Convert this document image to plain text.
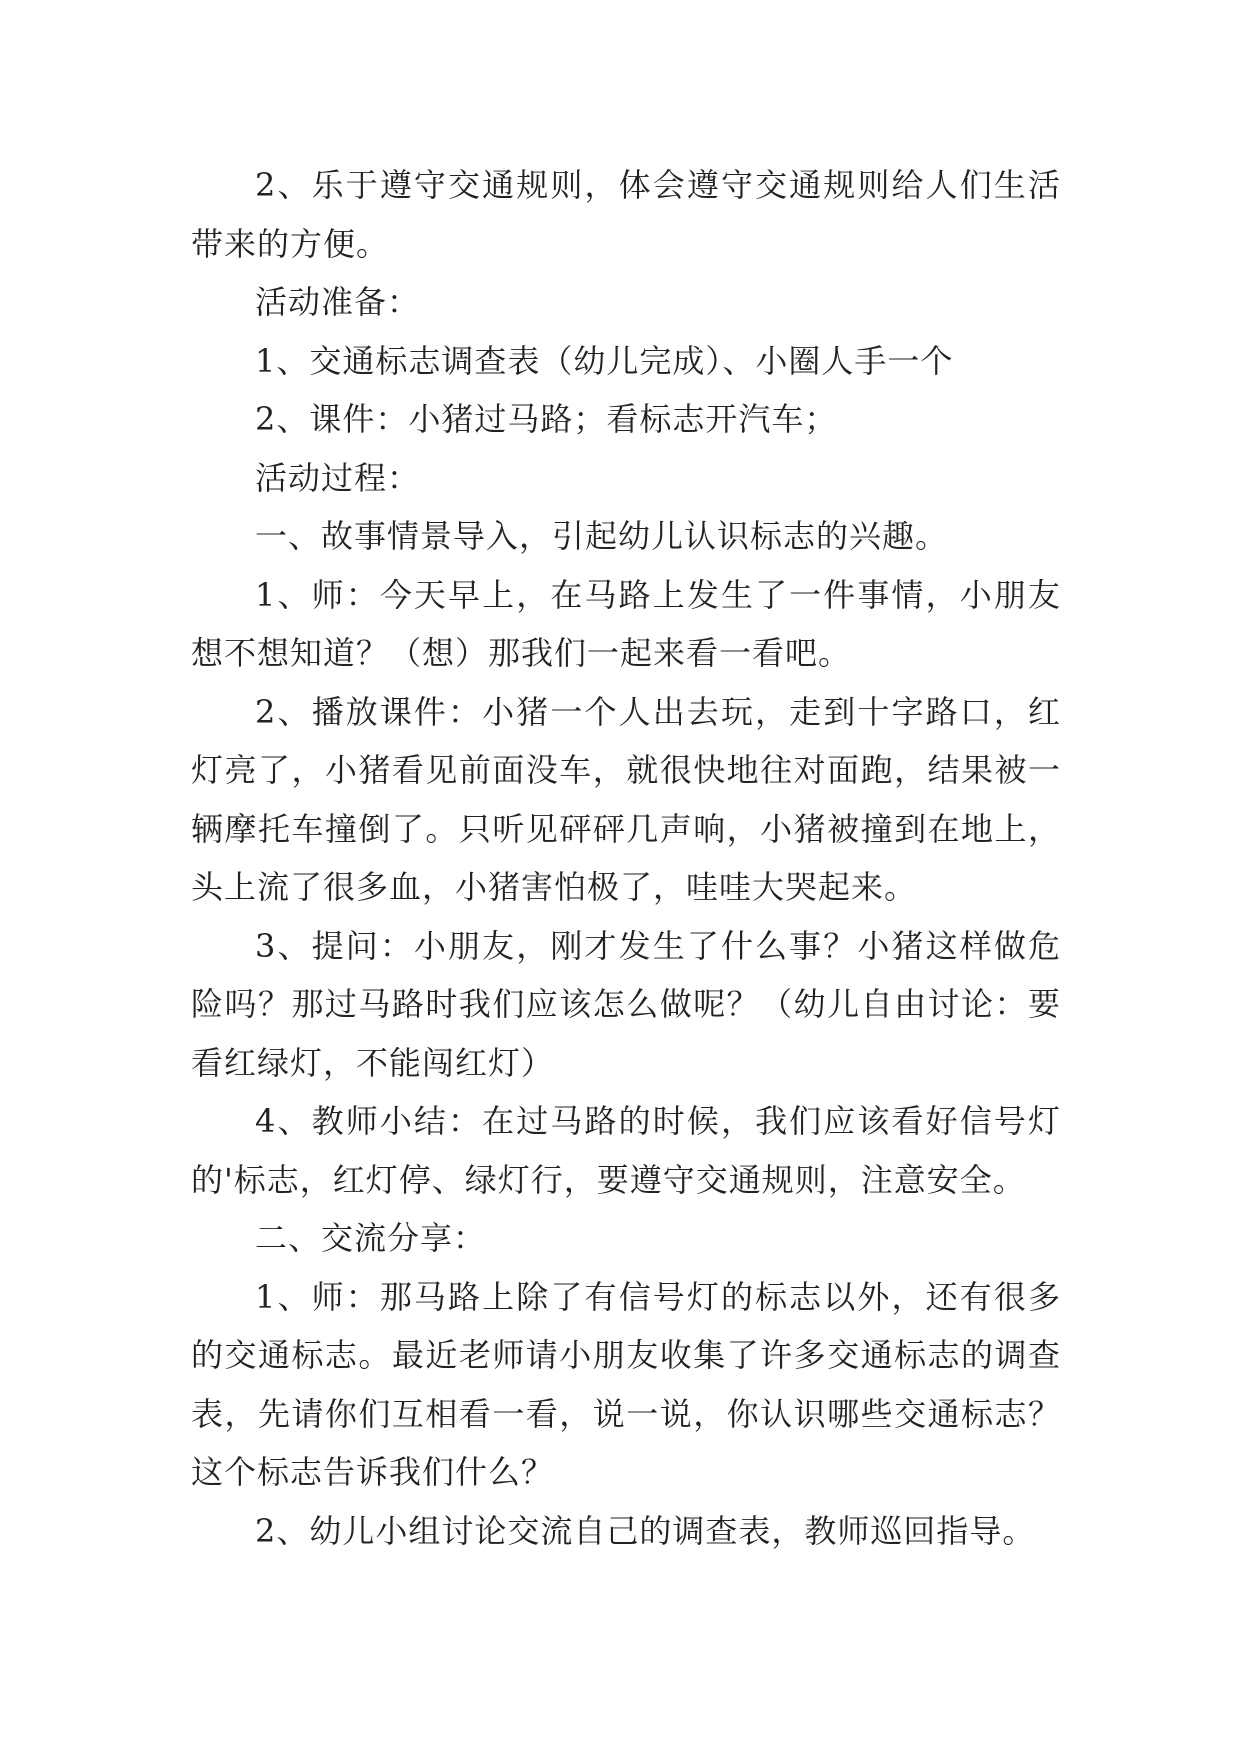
2、乐于遵守交通规则，体会遵守交通规则给人们生活带来的方便。

活动准备：

1、交通标志调查表（幼儿完成）、小圈人手一个

2、课件：小猪过马路；看标志开汽车；

活动过程：

一、故事情景导入，引起幼儿认识标志的兴趣。

1、师：今天早上，在马路上发生了一件事情，小朋友想不想知道？（想）那我们一起来看一看吧。

2、播放课件：小猪一个人出去玩，走到十字路口，红灯亮了，小猪看见前面没车，就很快地往对面跑，结果被一辆摩托车撞倒了。只听见砰砰几声响，小猪被撞到在地上，头上流了很多血，小猪害怕极了，哇哇大哭起来。

3、提问：小朋友，刚才发生了什么事？小猪这样做危险吗？那过马路时我们应该怎么做呢？（幼儿自由讨论：要看红绿灯，不能闯红灯）

4、教师小结：在过马路的时候，我们应该看好信号灯的'标志，红灯停、绿灯行，要遵守交通规则，注意安全。

二、交流分享：

1、师：那马路上除了有信号灯的标志以外，还有很多的交通标志。最近老师请小朋友收集了许多交通标志的调查表，先请你们互相看一看，说一说，你认识哪些交通标志？这个标志告诉我们什么？

2、幼儿小组讨论交流自己的调查表，教师巡回指导。
